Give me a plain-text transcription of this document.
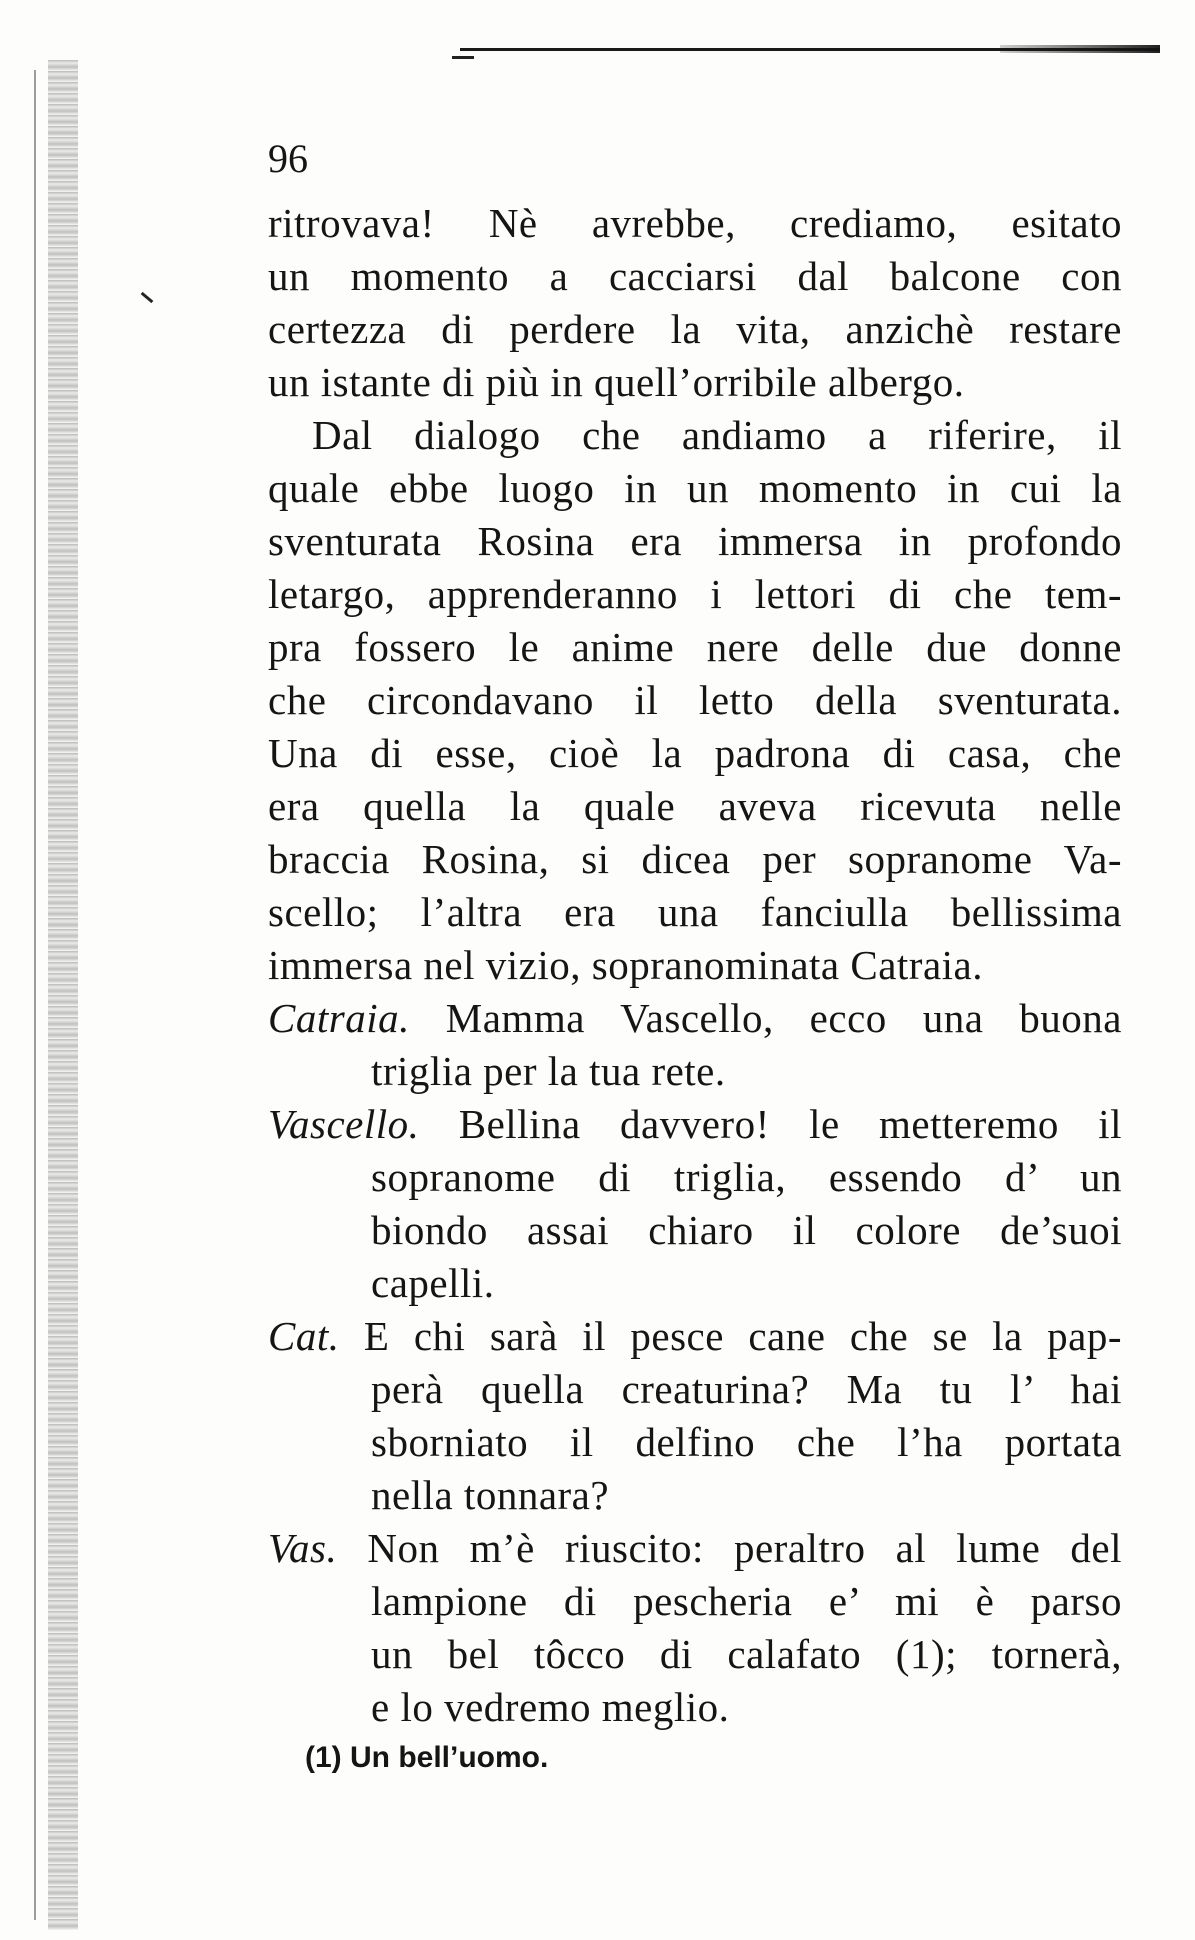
96
ritrovava! Nè avrebbe, crediamo, esitato
un momento a cacciarsi dal balcone con
certezza di perdere la vita, anzichè restare
un istante di più in quell’orribile albergo.
Dal dialogo che andiamo a riferire, il
quale ebbe luogo in un momento in cui la
sventurata Rosina era immersa in profondo
letargo, apprenderanno i lettori di che tem-
pra fossero le anime nere delle due donne
che circondavano il letto della sventurata.
Una di esse, cioè la padrona di casa, che
era quella la quale aveva ricevuta nelle
braccia Rosina, si dicea per sopranome Va-
scello; l’altra era una fanciulla bellissima
immersa nel vizio, sopranominata Catraia.
Catraia. Mamma Vascello, ecco una buona
triglia per la tua rete.
Vascello. Bellina davvero! le metteremo il
sopranome di triglia, essendo d’ un
biondo assai chiaro il colore de’suoi
capelli.
Cat. E chi sarà il pesce cane che se la pap-
perà quella creaturina? Ma tu l’ hai
sborniato il delfino che l’ha portata
nella tonnara?
Vas. Non m’è riuscito: peraltro al lume del
lampione di pescheria e’ mi è parso
un bel tôcco di calafato (1); tornerà,
e lo vedremo meglio.
(1) Un bell’uomo.
